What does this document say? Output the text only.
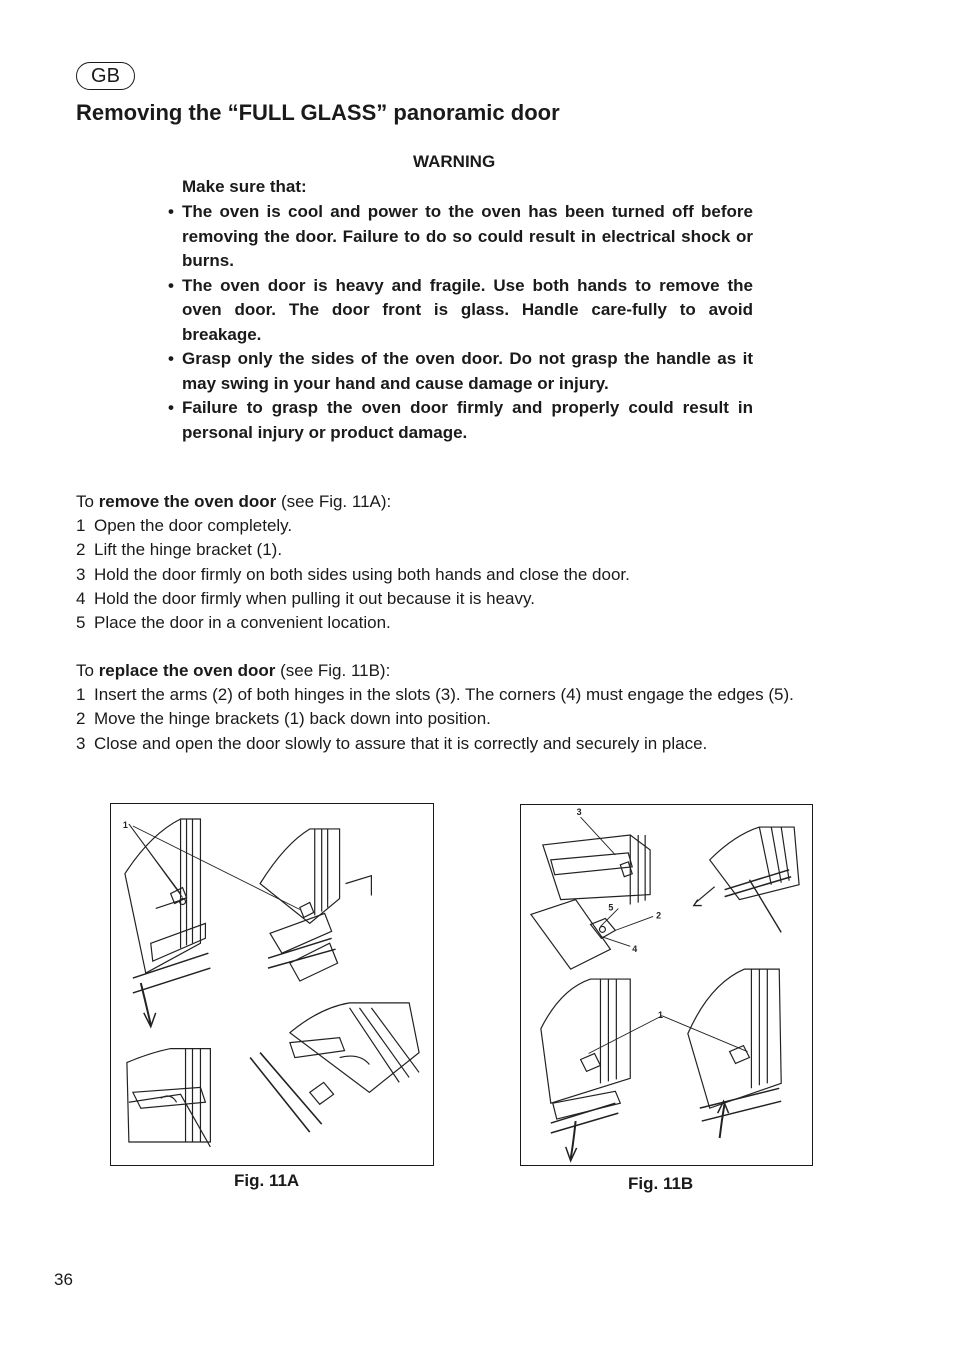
GB
Removing the “FULL GLASS” panoramic door
WARNING
Make sure that:
• The oven is cool and power to the oven has been turned off before removing the door. Failure to do so could result in electrical shock or burns.
• The oven door is heavy and fragile. Use both hands to remove the oven door. The door front is glass. Handle care-fully to avoid breakage.
• Grasp only the sides of the oven door. Do not grasp the handle as it may swing in your hand and cause damage or injury.
• Failure to grasp the oven door firmly and properly could result in personal injury or product damage.

To remove the oven door (see Fig. 11A):

1 Open the door completely.
2 Lift the hinge bracket (1).
3 Hold the door firmly on both sides using both hands and close the door.
4 Hold the door firmly when pulling it out because it is heavy.
5 Place the door in a convenient location.

To replace the oven door (see Fig. 11B):

1 Insert the arms (2) of both hinges in the slots (3). The corners (4) must engage the edges (5).
2 Move the hinge brackets (1) back down into position.
3 Close and open the door slowly to assure that it is correctly and securely in place.
1
Fig. 11A
3
5
2
4
1
Fig. 11B
36
